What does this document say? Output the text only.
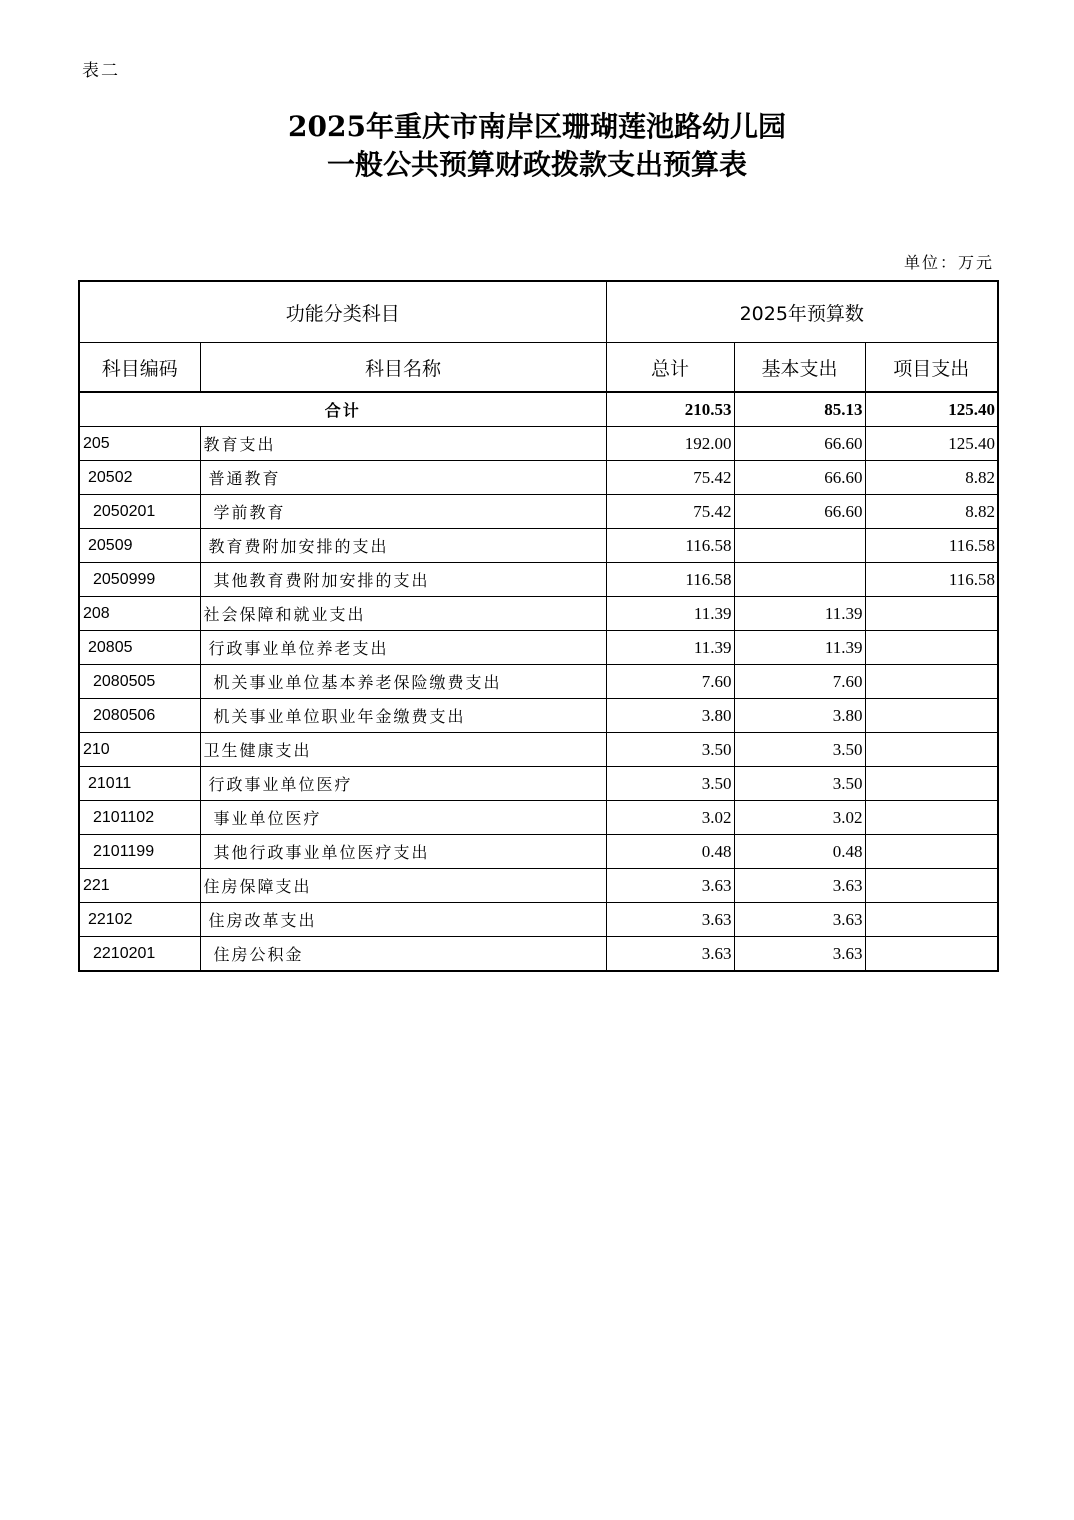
表二
2025年重庆市南岸区珊瑚莲池路幼儿园
一般公共预算财政拨款支出预算表
单位：万元
功能分类科目		2025年预算数		
科目编码	科目名称	总计	基本支出	项目支出
合计		210.53	85.13	125.40
205	教育支出	192.00	66.60	125.40
20502	普通教育	75.42	66.60	8.82
2050201	学前教育	75.42	66.60	8.82
20509	教育费附加安排的支出	116.58		116.58
2050999	其他教育费附加安排的支出	116.58		116.58
208	社会保障和就业支出	11.39	11.39	
20805	行政事业单位养老支出	11.39	11.39	
2080505	机关事业单位基本养老保险缴费支出	7.60	7.60	
2080506	机关事业单位职业年金缴费支出	3.80	3.80	
210	卫生健康支出	3.50	3.50	
21011	行政事业单位医疗	3.50	3.50	
2101102	事业单位医疗	3.02	3.02	
2101199	其他行政事业单位医疗支出	0.48	0.48	
221	住房保障支出	3.63	3.63	
22102	住房改革支出	3.63	3.63	
2210201	住房公积金	3.63	3.63	
